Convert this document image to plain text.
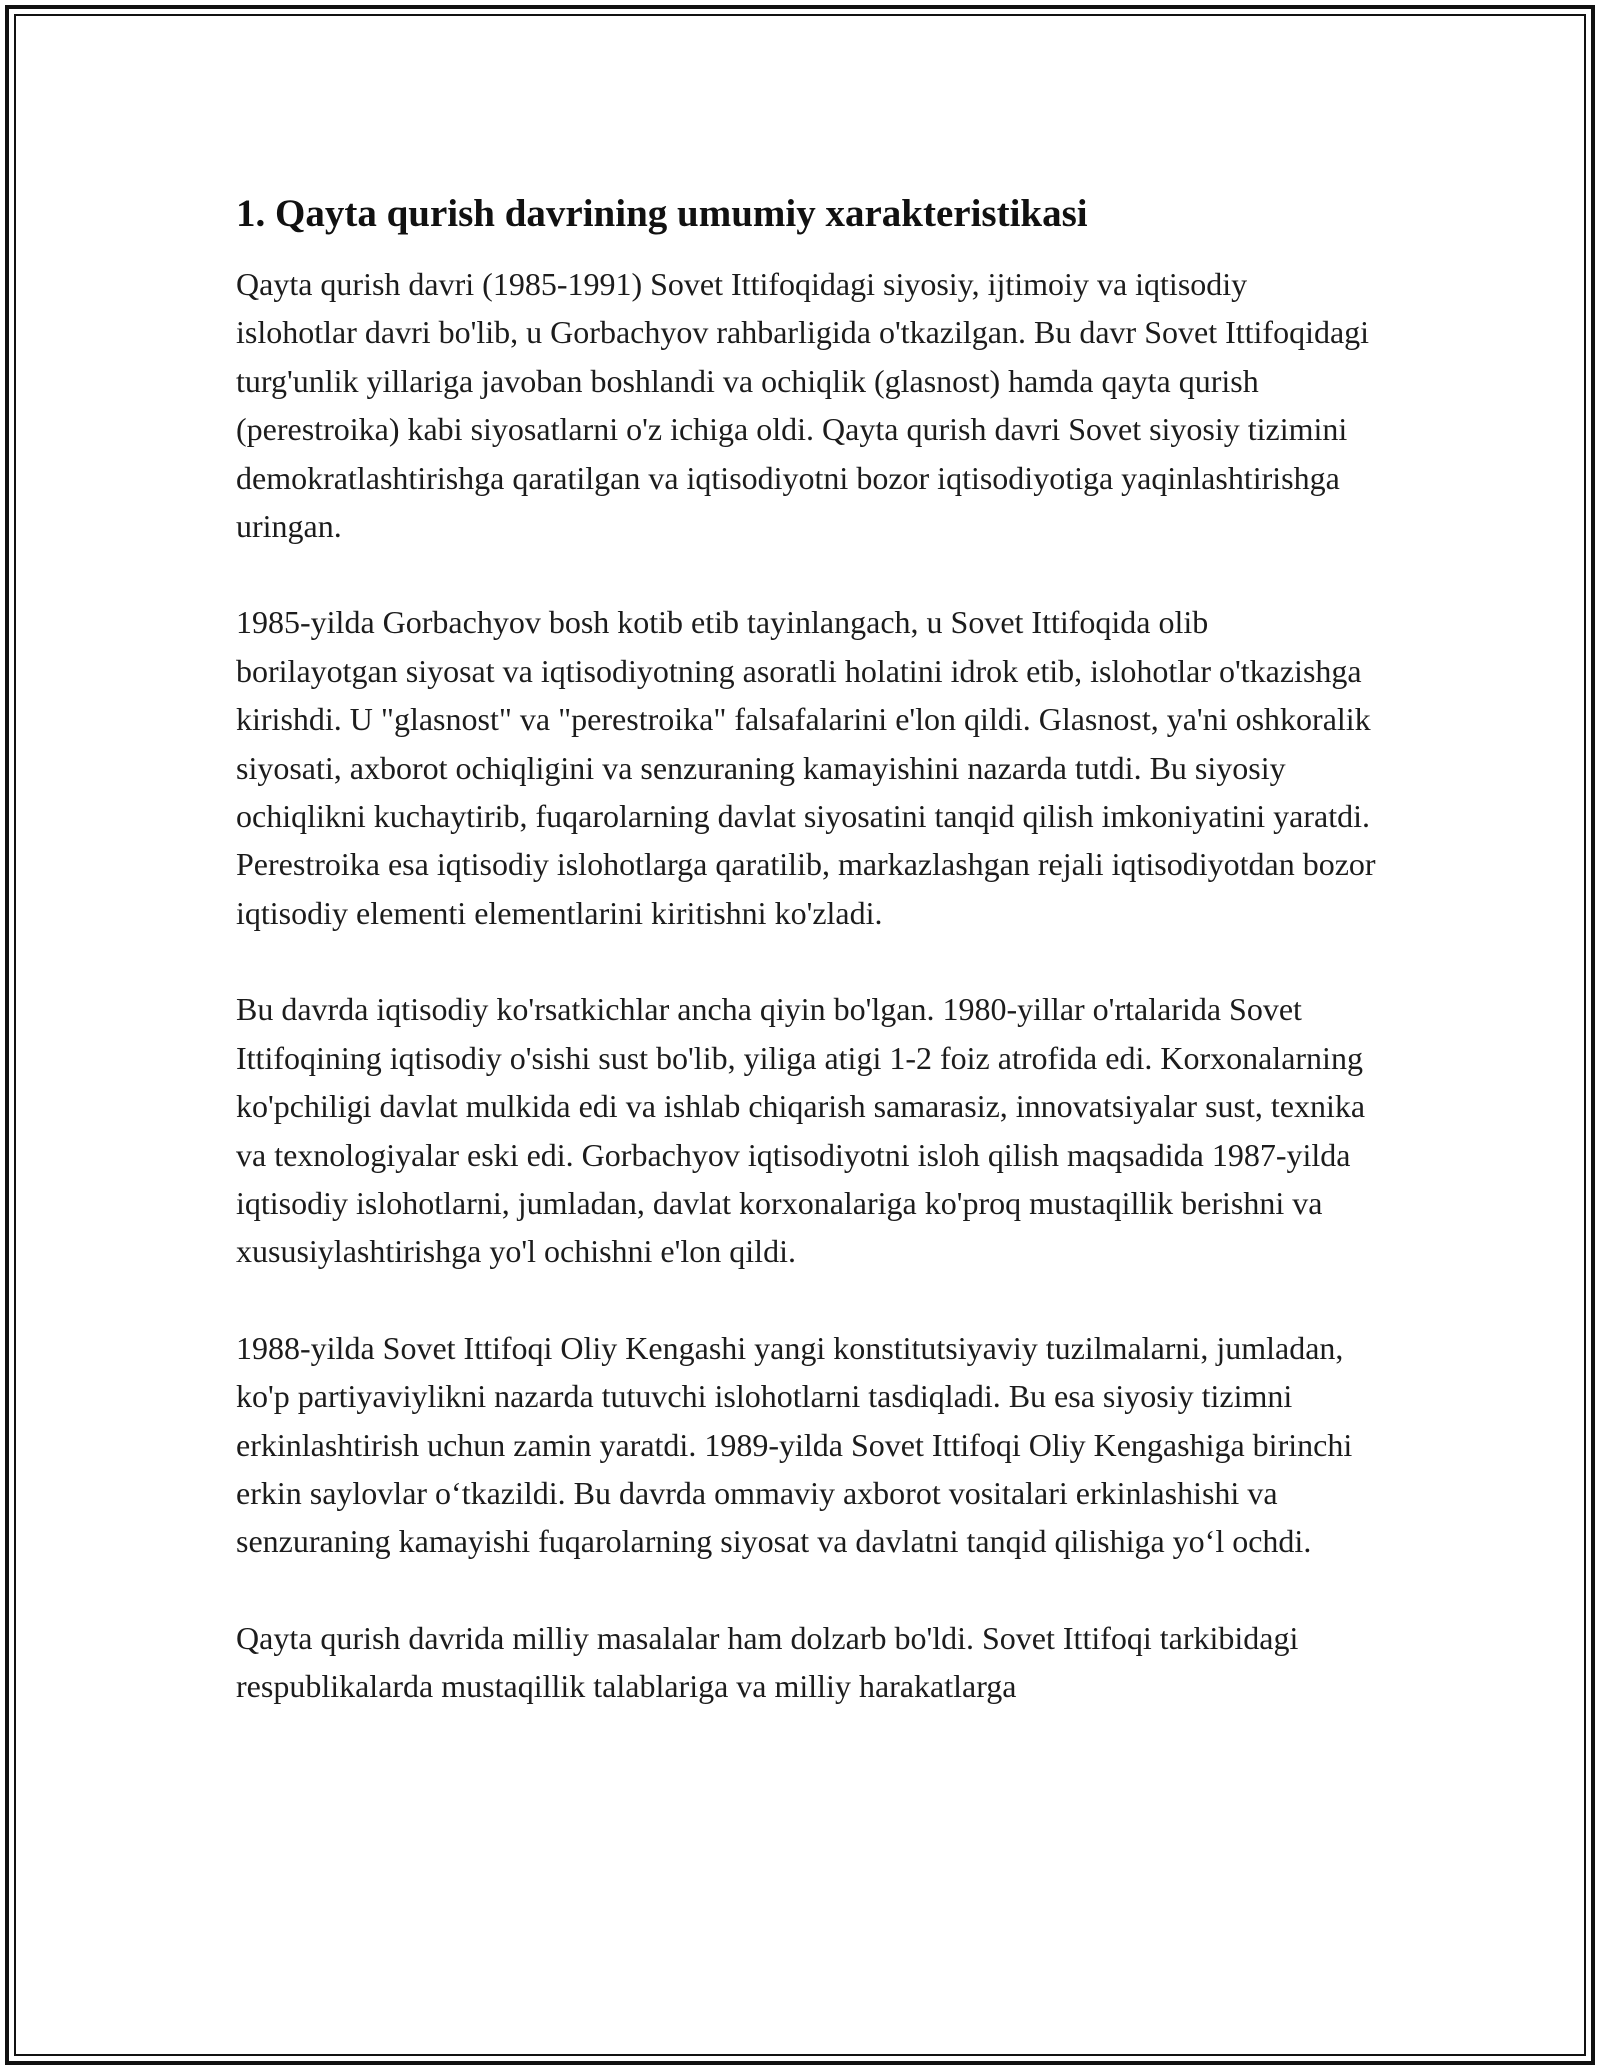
1. Qayta qurish davrining umumiy xarakteristikasi

Qayta qurish davri (1985-1991) Sovet Ittifoqidagi siyosiy, ijtimoiy va iqtisodiy islohotlar davri bo'lib, u Gorbachyov rahbarligida o'tkazilgan. Bu davr Sovet Ittifoqidagi turg'unlik yillariga javoban boshlandi va ochiqlik (glasnost) hamda qayta qurish (perestroika) kabi siyosatlarni o'z ichiga oldi. Qayta qurish davri Sovet siyosiy tizimini demokratlashtirishga qaratilgan va iqtisodiyotni bozor iqtisodiyotiga yaqinlashtirishga uringan.

1985-yilda Gorbachyov bosh kotib etib tayinlangach, u Sovet Ittifoqida olib borilayotgan siyosat va iqtisodiyotning asoratli holatini idrok etib, islohotlar o'tkazishga kirishdi. U "glasnost" va "perestroika" falsafalarini e'lon qildi. Glasnost, ya'ni oshkoralik siyosati, axborot ochiqligini va senzuraning kamayishini nazarda tutdi. Bu siyosiy ochiqlikni kuchaytirib, fuqarolarning davlat siyosatini tanqid qilish imkoniyatini yaratdi. Perestroika esa iqtisodiy islohotlarga qaratilib, markazlashgan rejali iqtisodiyotdan bozor iqtisodiy elementi elementlarini kiritishni ko'zladi.

Bu davrda iqtisodiy ko'rsatkichlar ancha qiyin bo'lgan. 1980-yillar o'rtalarida Sovet Ittifoqining iqtisodiy o'sishi sust bo'lib, yiliga atigi 1-2 foiz atrofida edi. Korxonalarning ko'pchiligi davlat mulkida edi va ishlab chiqarish samarasiz, innovatsiyalar sust, texnika va texnologiyalar eski edi. Gorbachyov iqtisodiyotni isloh qilish maqsadida 1987-yilda iqtisodiy islohotlarni, jumladan, davlat korxonalariga ko'proq mustaqillik berishni va xususiylashtirishga yo'l ochishni e'lon qildi.

1988-yilda Sovet Ittifoqi Oliy Kengashi yangi konstitutsiyaviy tuzilmalarni, jumladan, ko'p partiyaviylikni nazarda tutuvchi islohotlarni tasdiqladi. Bu esa siyosiy tizimni erkinlashtirish uchun zamin yaratdi. 1989-yilda Sovet Ittifoqi Oliy Kengashiga birinchi erkin saylovlar o‘tkazildi. Bu davrda ommaviy axborot vositalari erkinlashishi va senzuraning kamayishi fuqarolarning siyosat va davlatni tanqid qilishiga yo‘l ochdi.

Qayta qurish davrida milliy masalalar ham dolzarb bo'ldi. Sovet Ittifoqi tarkibidagi respublikalarda mustaqillik talablariga va milliy harakatlarga
